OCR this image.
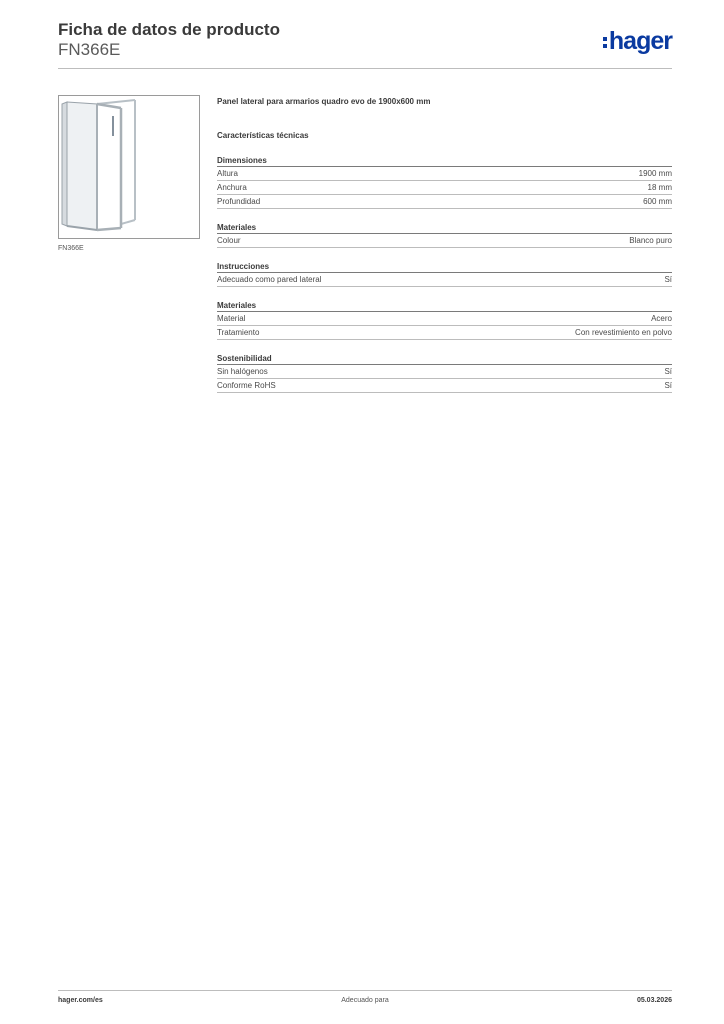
Ficha de datos de producto
FN366E	hager
FN366E
Panel lateral para armarios quadro evo de 1900x600 mm
Características técnicas
Dimensiones
Altura	1900 mm
Anchura	18 mm
Profundidad	600 mm
Materiales
Colour	Blanco puro
Instrucciones
Adecuado como pared lateral	Sí
Materiales
Material	Acero
Tratamiento	Con revestimiento en polvo
Sostenibilidad
Sin halógenos	Sí
Conforme RoHS	Sí
hager.com/es	Adecuado para	05.03.2026
